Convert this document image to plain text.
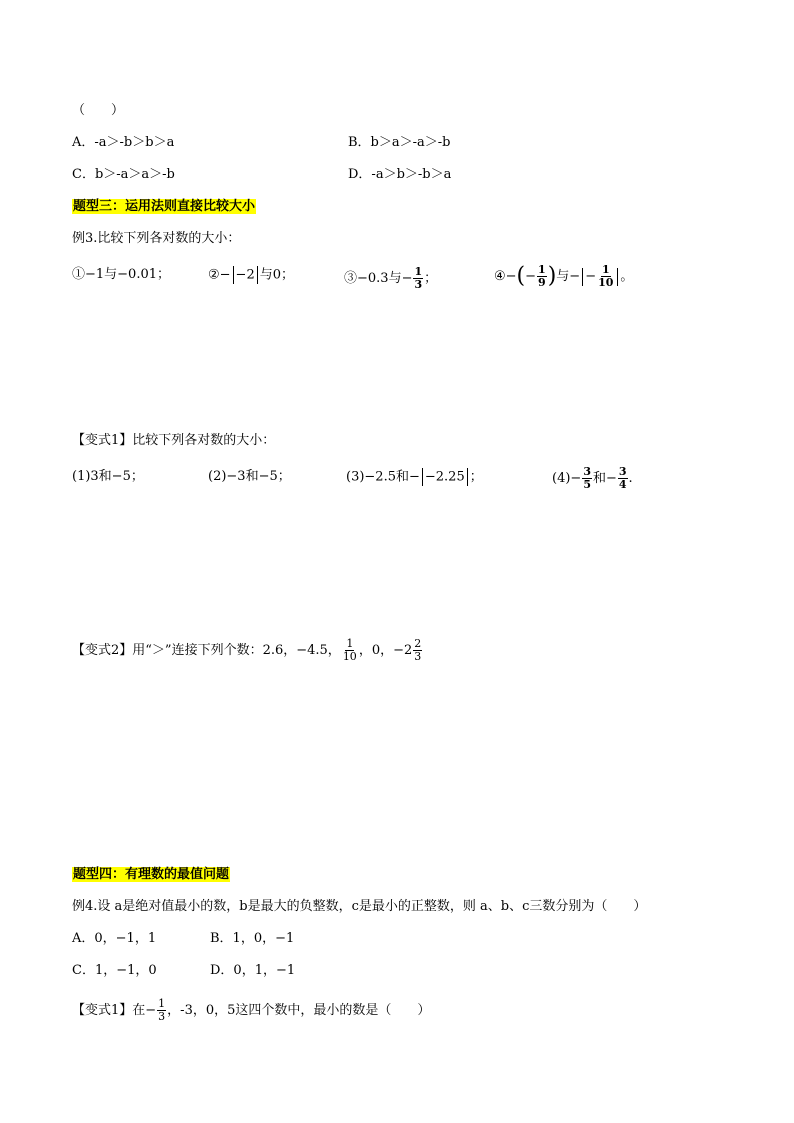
（　　）
A．-a＞-b＞b＞a	B．b＞a＞-a＞-b
C．b＞-a＞a＞-b	D．-a＞b＞-b＞a
题型三：运用法则直接比较大小
例3.比较下列各对数的大小：
①−1与−0.01；	②− −2 与0；	③−0.3与− $\frac{1}{3}$ ；	④−(− $\frac{1}{9}$ )与− − $\frac{1}{10}$ 。
【变式1】比较下列各对数的大小：
(1)3和−5；	(2)−3和−5；	(3)−2.5和− −2.25 ；	$(4)- \frac{3}{5}$ 和− $\frac{3}{4}$ .
【变式2】用“＞”连接下列个数：2.6，−4.5， $\frac{1}{10}$ ，0，$-2 \frac{2}{3}$
题型四：有理数的最值问题
例4.设 a是绝对值最小的数，b是最大的负整数，c是最小的正整数，则 a、b、c三数分别为（　　）
A．0，−1，1	B．1，0，−1
C．1，−1，0	D．0，1，−1
【变式1】在− $\frac{1}{3}$ ，-3，0，5这四个数中，最小的数是（　　）
